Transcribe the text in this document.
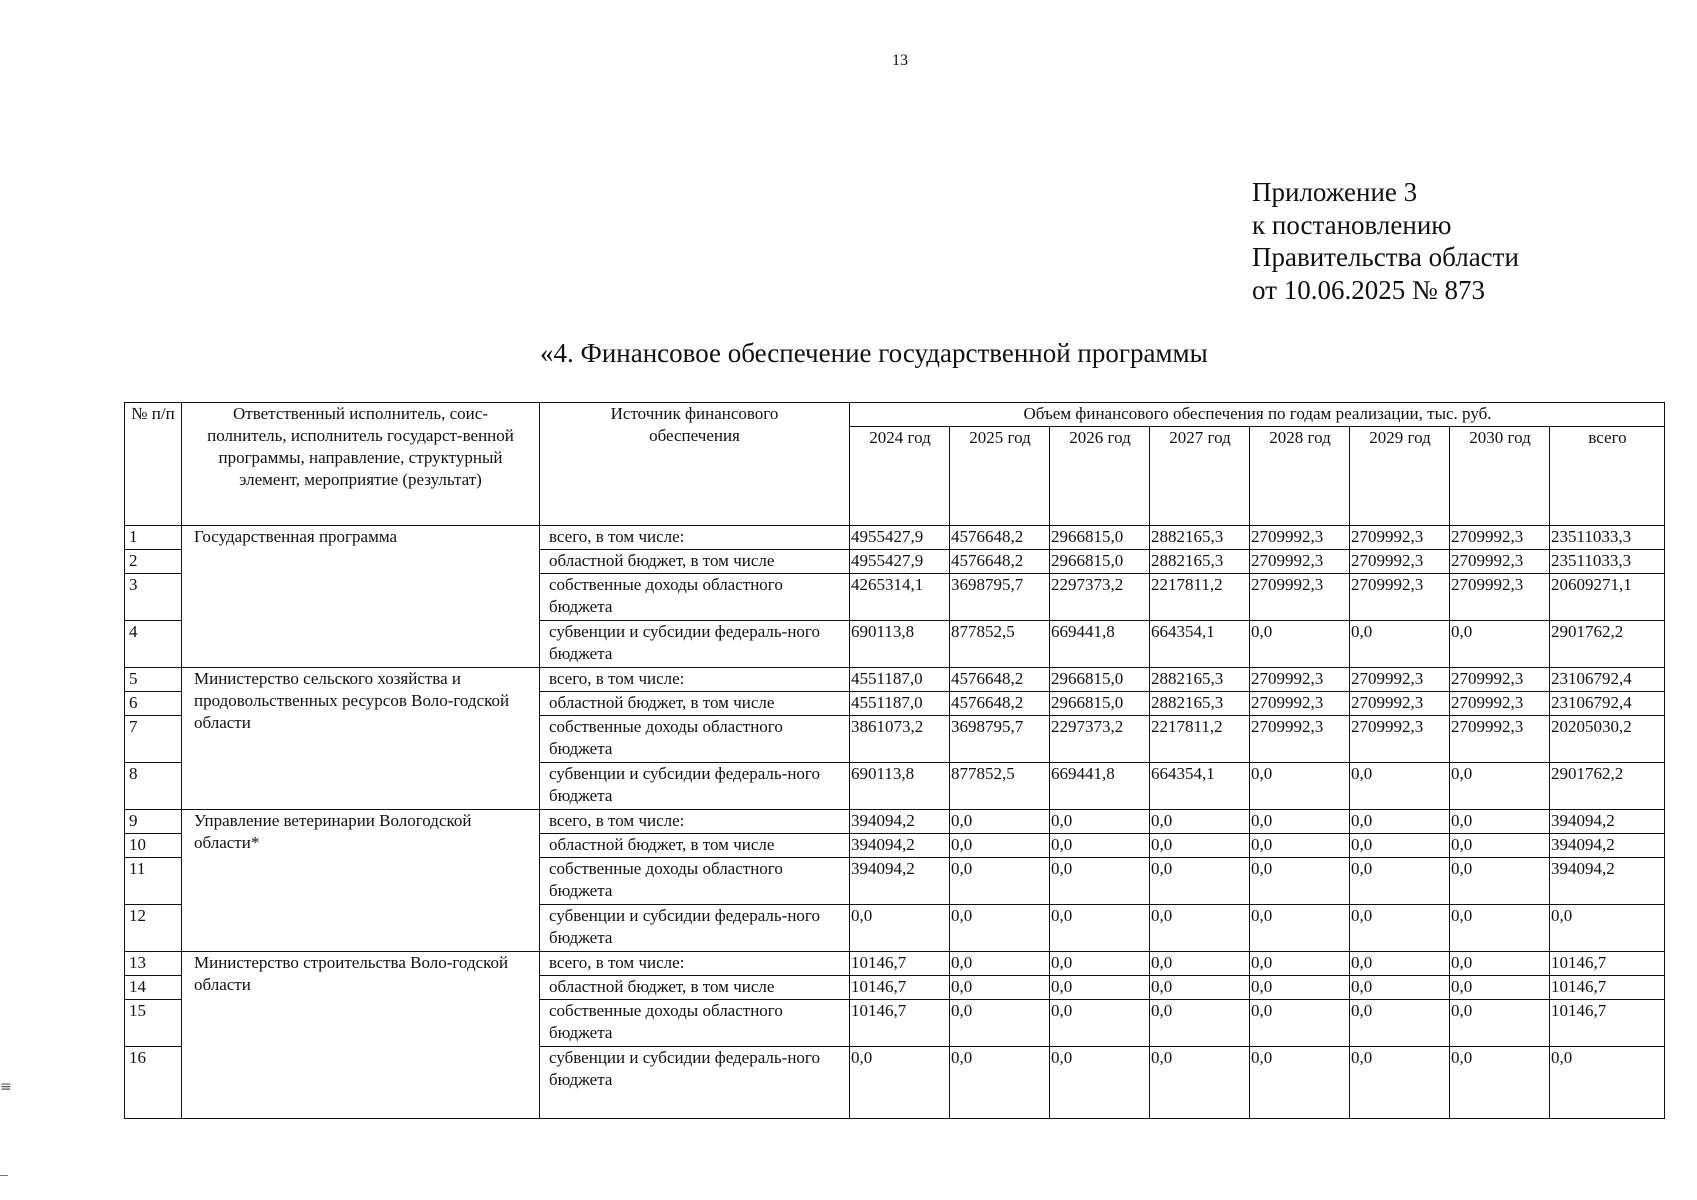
13
Приложение 3
к постановлению
Правительства области
от 10.06.2025 № 873
«4. Финансовое обеспечение государственной программы
№ п/п	Ответственный исполнитель, соис-полнитель, исполнитель государст-венной программы, направление, структурный элемент, мероприятие (результат)	Источник финансового обеспечения	Объем финансового обеспечения по годам реализации, тыс. руб.							
			2024 год	2025 год	2026 год	2027 год	2028 год	2029 год	2030 год	всего
1	Государственная программа	всего, в том числе:	4955427,9	4576648,2	2966815,0	2882165,3	2709992,3	2709992,3	2709992,3	23511033,3
2		областной бюджет, в том числе	4955427,9	4576648,2	2966815,0	2882165,3	2709992,3	2709992,3	2709992,3	23511033,3
3		собственные доходы областного бюджета	4265314,1	3698795,7	2297373,2	2217811,2	2709992,3	2709992,3	2709992,3	20609271,1
4		субвенции и субсидии федераль-ного бюджета	690113,8	877852,5	669441,8	664354,1	0,0	0,0	0,0	2901762,2
5	Министерство сельского хозяйства и продовольственных ресурсов Воло-годской области	всего, в том числе:	4551187,0	4576648,2	2966815,0	2882165,3	2709992,3	2709992,3	2709992,3	23106792,4
6		областной бюджет, в том числе	4551187,0	4576648,2	2966815,0	2882165,3	2709992,3	2709992,3	2709992,3	23106792,4
7		собственные доходы областного бюджета	3861073,2	3698795,7	2297373,2	2217811,2	2709992,3	2709992,3	2709992,3	20205030,2
8		субвенции и субсидии федераль-ного бюджета	690113,8	877852,5	669441,8	664354,1	0,0	0,0	0,0	2901762,2
9	Управление ветеринарии Вологодской области*	всего, в том числе:	394094,2	0,0	0,0	0,0	0,0	0,0	0,0	394094,2
10		областной бюджет, в том числе	394094,2	0,0	0,0	0,0	0,0	0,0	0,0	394094,2
11		собственные доходы областного бюджета	394094,2	0,0	0,0	0,0	0,0	0,0	0,0	394094,2
12		субвенции и субсидии федераль-ного бюджета	0,0	0,0	0,0	0,0	0,0	0,0	0,0	0,0
13	Министерство строительства Воло-годской области	всего, в том числе:	10146,7	0,0	0,0	0,0	0,0	0,0	0,0	10146,7
14		областной бюджет, в том числе	10146,7	0,0	0,0	0,0	0,0	0,0	0,0	10146,7
15		собственные доходы областного бюджета	10146,7	0,0	0,0	0,0	0,0	0,0	0,0	10146,7
16		субвенции и субсидии федераль-ного бюджета	0,0	0,0	0,0	0,0	0,0	0,0	0,0	0,0
≡
